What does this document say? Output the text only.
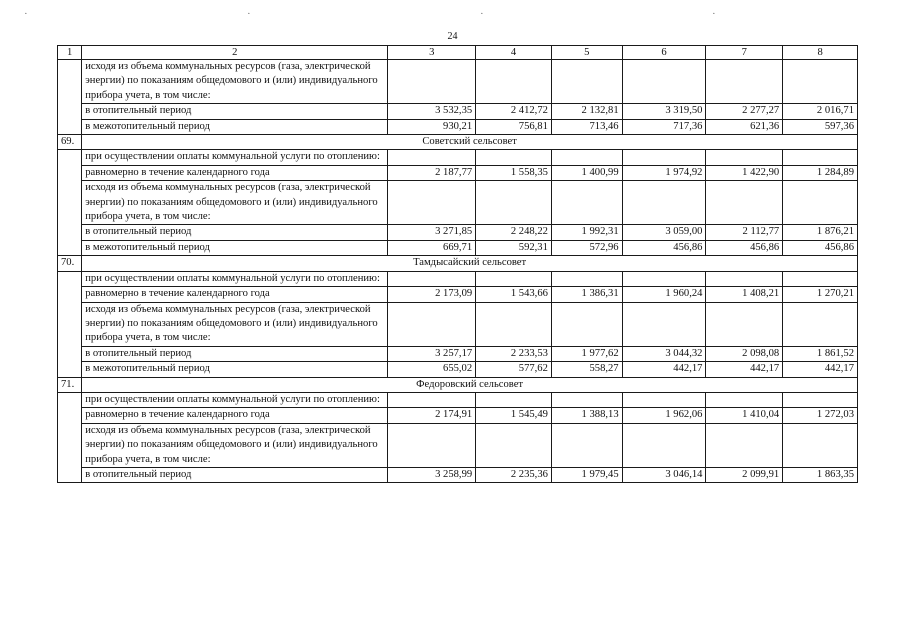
·	·	·	·
24
1	2	3	4	5	6	7	8
	исходя из объема коммунальных ресурсов (газа, электрической энергии) по показаниям общедомового и (или) индивидуального прибора учета, в том числе:						
	в отопительный период	3 532,35	2 412,72	2 132,81	3 319,50	2 277,27	2 016,71
	в межотопительный период	930,21	756,81	713,46	717,36	621,36	597,36
69.	Советский сельсовет						
	при осуществлении оплаты коммунальной услуги по отоплению:						
	равномерно в течение календарного года	2 187,77	1 558,35	1 400,99	1 974,92	1 422,90	1 284,89
	исходя из объема коммунальных ресурсов (газа, электрической энергии) по показаниям общедомового и (или) индивидуального прибора учета, в том числе:						
	в отопительный период	3 271,85	2 248,22	1 992,31	3 059,00	2 112,77	1 876,21
	в межотопительный период	669,71	592,31	572,96	456,86	456,86	456,86
70.	Тамдысайский сельсовет						
	при осуществлении оплаты коммунальной услуги по отоплению:						
	равномерно в течение календарного года	2 173,09	1 543,66	1 386,31	1 960,24	1 408,21	1 270,21
	исходя из объема коммунальных ресурсов (газа, электрической энергии) по показаниям общедомового и (или) индивидуального прибора учета, в том числе:						
	в отопительный период	3 257,17	2 233,53	1 977,62	3 044,32	2 098,08	1 861,52
	в межотопительный период	655,02	577,62	558,27	442,17	442,17	442,17
71.	Федоровский сельсовет						
	при осуществлении оплаты коммунальной услуги по отоплению:						
	равномерно в течение календарного года	2 174,91	1 545,49	1 388,13	1 962,06	1 410,04	1 272,03
	исходя из объема коммунальных ресурсов (газа, электрической энергии) по показаниям общедомового и (или) индивидуального прибора учета, в том числе:						
	в отопительный период	3 258,99	2 235,36	1 979,45	3 046,14	2 099,91	1 863,35
